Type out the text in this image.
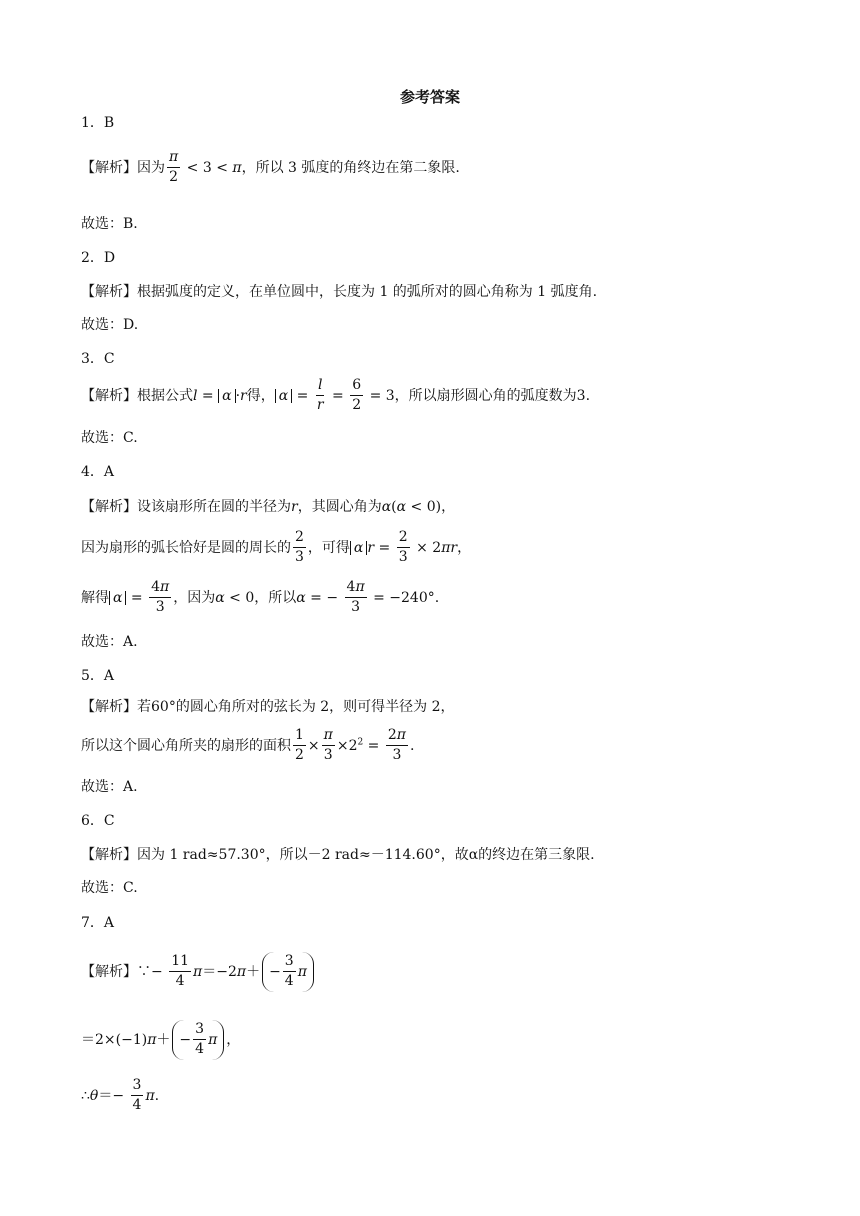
参考答案
1．B
【解析】因为 $\frac{\pi}{2} < 3 < \pi$，所以 3 弧度的角终边在第二象限.
故选：B.
2．D
【解析】根据弧度的定义，在单位圆中，长度为 1 的弧所对的圆心角称为 1 弧度角.
故选：D.
3．C
【解析】根据公式l = α ·r得， $\alpha = \frac{l}{r} = \frac{6}{2} = 3$，所以扇形圆心角的弧度数为3.
故选：C.
4．A
【解析】设该扇形所在圆的半径为r，其圆心角为α(α < 0)，
因为扇形的弧长恰好是圆的周长的 $\frac{2}{3}$ ，可得 α $r = \frac{2}{3} \times 2\pi r$，
解得 $\alpha = \frac{4\pi}{3}$ ，因为α < 0，所以α = − $\frac{4\pi}{3} = -240^\circ$.
故选：A.
5．A
【解析】若60°的圆心角所对的弦长为 2，则可得半径为 2，
所以这个圆心角所夹的扇形的面积 $\frac{1}{2} \times \frac{\pi}{3} \times 2^2 = \frac{2\pi}{3}$ .
故选：A.
6．C
【解析】因为 1 rad≈57.30°，所以－2 rad≈－114.60°，故α的终边在第三象限.
故选：C.
7．A
【解析】∵− $\frac{11}{4} \pi=-2\pi+ - \frac{3}{4}$ π
$=2\times(-1)\pi+ - \frac{3}{4}$ π ，
∴θ＝− $\frac{3}{4} \pi$.
